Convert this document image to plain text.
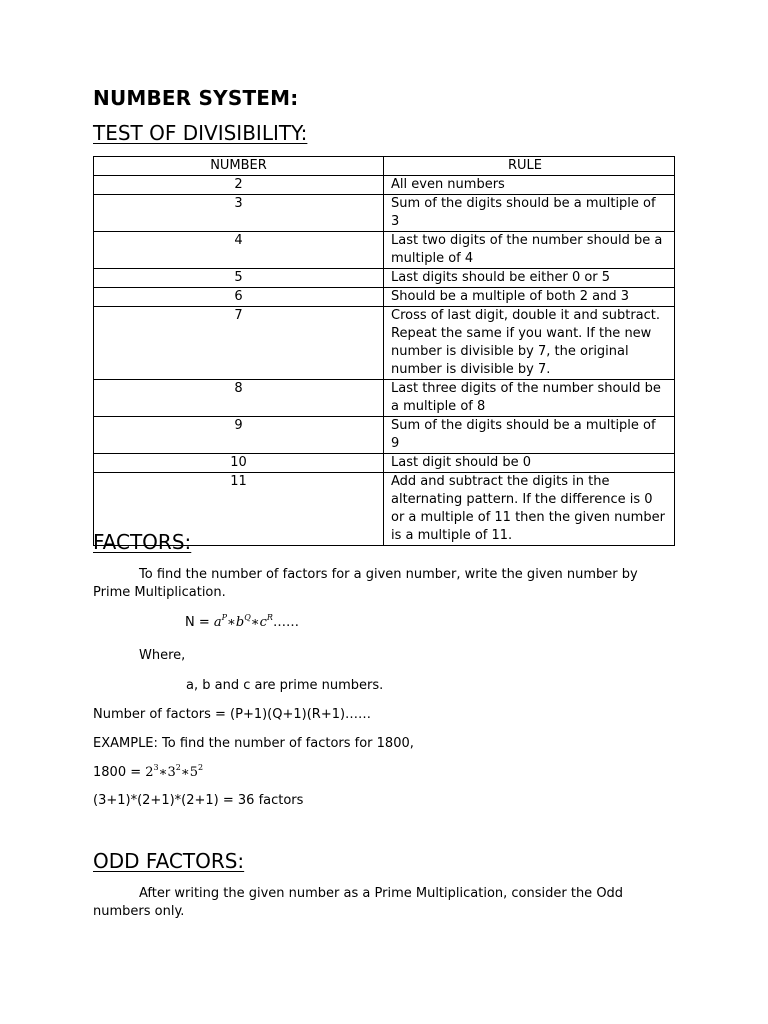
NUMBER SYSTEM:
TEST OF DIVISIBILITY:
NUMBER	RULE
2	All even numbers
3	Sum of the digits should be a multiple of 3
4	Last two digits of the number should be a multiple of 4
5	Last digits should be either 0 or 5
6	Should be a multiple of both 2 and 3
7	Cross of last digit, double it and subtract. Repeat the same if you want. If the new number is divisible by 7, the original number is divisible by 7.
8	Last three digits of the number should be a multiple of 8
9	Sum of the digits should be a multiple of 9
10	Last digit should be 0
11	Add and subtract the digits in the alternating pattern. If the difference is 0 or a multiple of 11 then the given number is a multiple of 11.
FACTORS:
To find the number of factors for a given number, write the given number by Prime Multiplication.
$N = a^P∗b^Q∗c^R\dots\dots$
Where,
a, b and c are prime numbers.
Number of factors = (P+1)(Q+1)(R+1)……
EXAMPLE: To find the number of factors for 1800,
$1800 = 2^3∗3^2∗5^2$
(3+1)*(2+1)*(2+1) = 36 factors
ODD FACTORS:
After writing the given number as a Prime Multiplication, consider the Odd numbers only.
